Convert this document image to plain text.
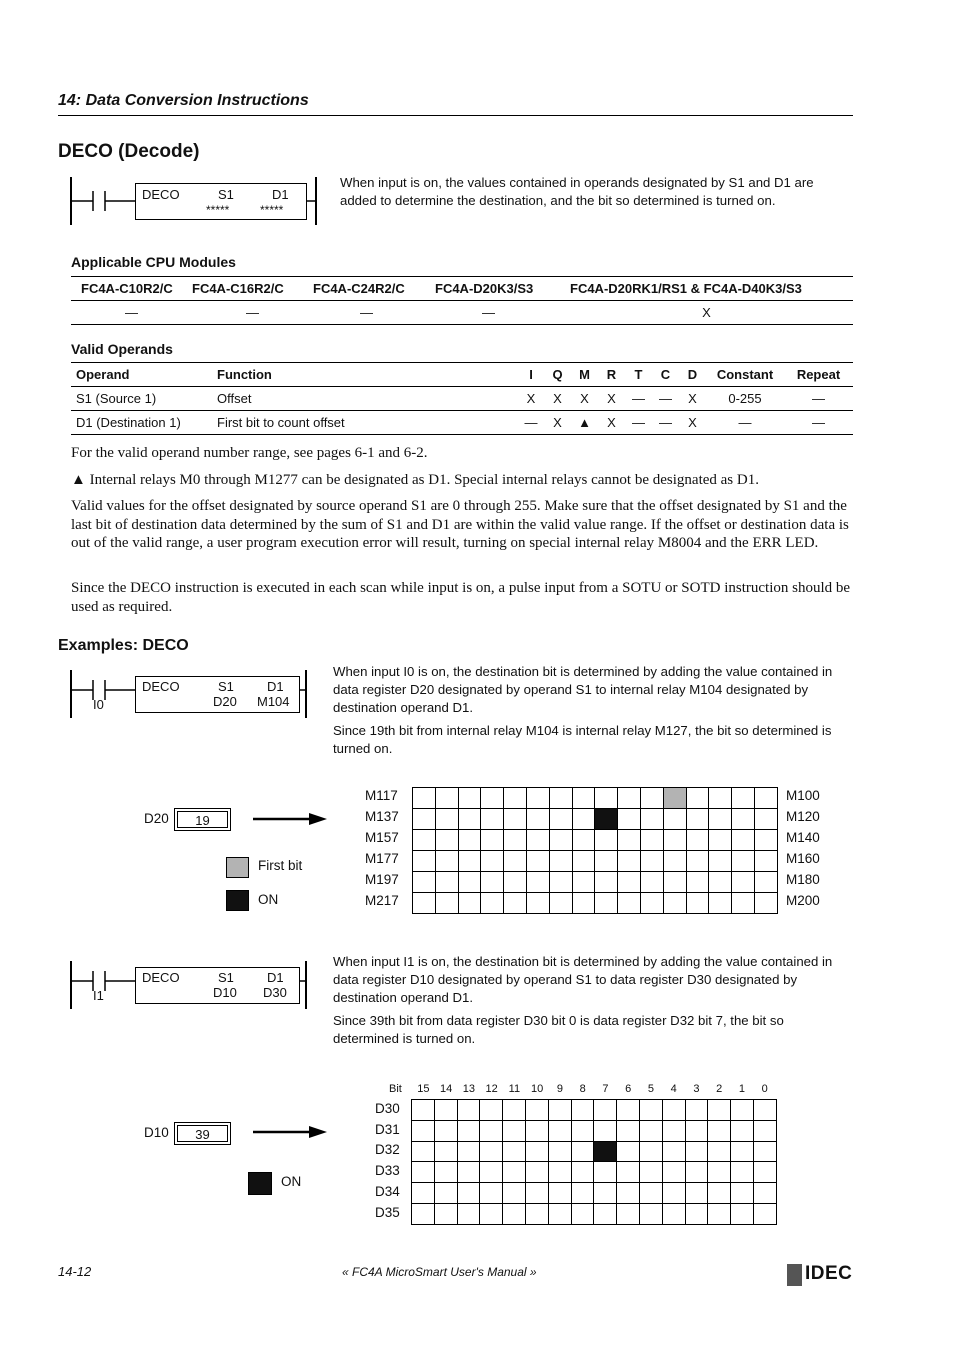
14: Data Conversion Instructions
DECO (Decode)
DECO	S1	D1
*****	*****
When input is on, the values contained in operands designated by S1 and D1 are added to determine the destination, and the bit so determined is turned on.
Applicable CPU Modules
FC4A-C10R2/C	FC4A-C16R2/C	FC4A-C24R2/C	FC4A-D20K3/S3	FC4A-D20RK1/RS1 & FC4A-D40K3/S3
—	—	—	—	X
Valid Operands
Operand	Function	I	Q	M	R	T	C	D	Constant	Repeat
S1 (Source 1)	Offset	X	X	X	X	—	—	X	0-255	—
D1 (Destination 1)	First bit to count offset	—	X	▲	X	—	—	X	—	—
For the valid operand number range, see pages 6-1 and 6-2.
▲ Internal relays M0 through M1277 can be designated as D1. Special internal relays cannot be designated as D1.
Valid values for the offset designated by source operand S1 are 0 through 255. Make sure that the offset designated by S1 and the last bit of destination data determined by the sum of S1 and D1 are within the valid value range. If the offset or destination data is out of the valid range, a user program execution error will result, turning on special internal relay M8004 and the ERR LED.
Since the DECO instruction is executed in each scan while input is on, a pulse input from a SOTU or SOTD instruction should be used as required.
Examples: DECO
I0
DECO	S1	D1
D20 M104
When input I0 is on, the destination bit is determined by adding the value contained in data register D20 designated by operand S1 to internal relay M104 designated by destination operand D1.
Since 19th bit from internal relay M104 is internal relay M127, the bit so determined is turned on.
D20	19
First bit
ON
M117
M137
M157
M177
M197
M217
M100
M120
M140
M160
M180
M200
I1
DECO	S1	D1
D10 D30
When input I1 is on, the destination bit is determined by adding the value contained in data register D10 designated by operand S1 to data register D30 designated by destination operand D1.
Since 39th bit from data register D30 bit 0 is data register D32 bit 7, the bit so determined is turned on.
D10	39
ON
Bit	15 14 13 12 11 10	9	8	7	6	5	4	3	2	1	0
D30
D31
D32
D33
D34
D35
14-12	« FC4A MicroSmart User's Manual »	IDEC
